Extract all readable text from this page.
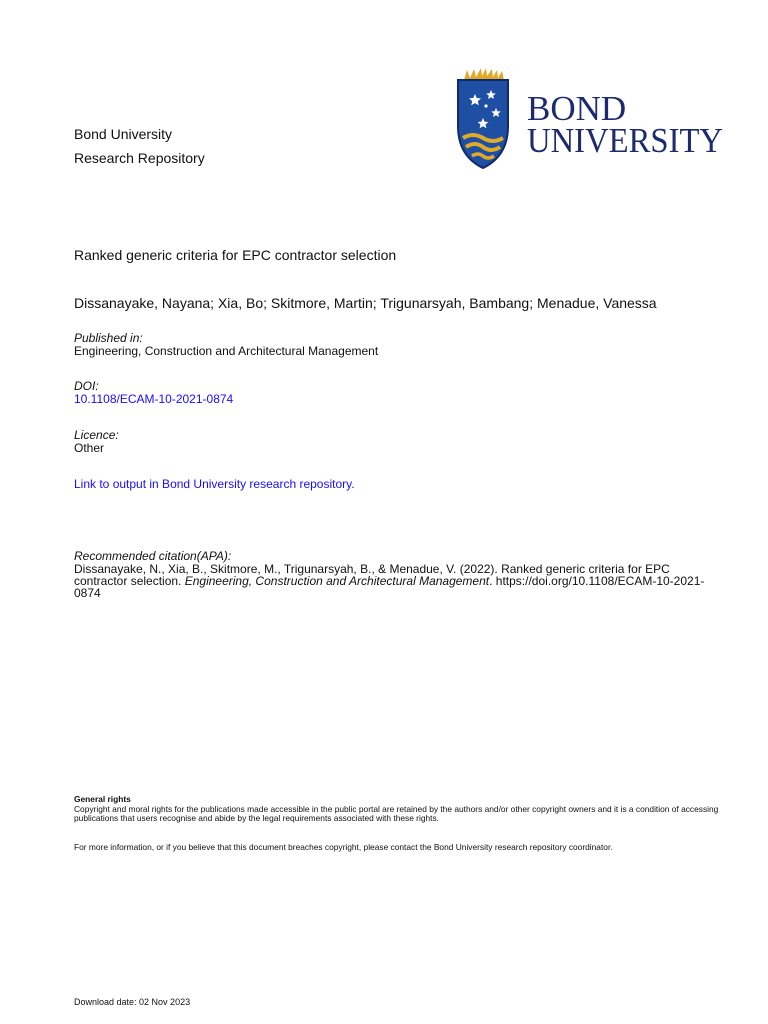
Bond University
Research Repository
BOND
UNIVERSITY
Ranked generic criteria for EPC contractor selection
Dissanayake, Nayana; Xia, Bo; Skitmore, Martin; Trigunarsyah, Bambang; Menadue, Vanessa
Published in:
Engineering, Construction and Architectural Management
DOI:
10.1108/ECAM-10-2021-0874
Licence:
Other
Link to output in Bond University research repository.
Recommended citation(APA):
Dissanayake, N., Xia, B., Skitmore, M., Trigunarsyah, B., & Menadue, V. (2022). Ranked generic criteria for EPC contractor selection. Engineering, Construction and Architectural Management. https://doi.org/10.1108/ECAM-10-2021-0874
General rights
Copyright and moral rights for the publications made accessible in the public portal are retained by the authors and/or other copyright owners and it is a condition of accessing publications that users recognise and abide by the legal requirements associated with these rights.
For more information, or if you believe that this document breaches copyright, please contact the Bond University research repository coordinator.
Download date: 02 Nov 2023
